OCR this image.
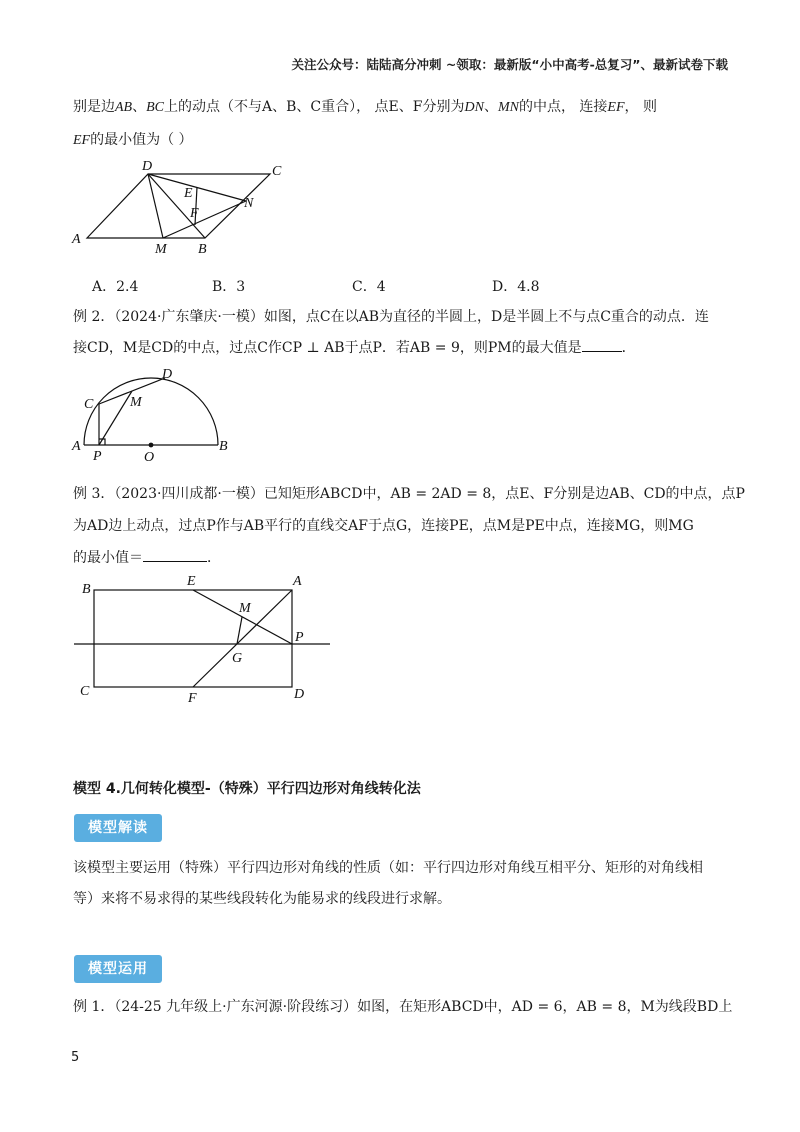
关注公众号：陆陆高分冲刺 ~领取：最新版“小中高考-总复习”、最新试卷下载
别是边AB、BC上的动点（不与A、B、C重合）， 点E、F分别为DN、MN的中点， 连接EF， 则
EF的最小值为（ ）
D	C
E
F
N
A
M B
A．2.4	B．3	C．4	D．4.8
例 2．（2024·广东肇庆·一模）如图，点C在以AB为直径的半圆上，D是半圆上不与点C重合的动点．连
接CD，M是CD的中点，过点C作CP ⊥ AB于点P．若AB = 9，则PM的最大值是	．
D
C	M
A
P	O
B
例 3．（2023·四川成都·一模）已知矩形ABCD中，AB = 2AD = 8，点E、F分别是边AB、CD的中点，点P
为AD边上动点，过点P作与AB平行的直线交AF于点G，连接PE，点M是PE中点，连接MG，则MG
的最小值＝	．
B
E	A
M
P
G
C	F	D
模型 4.几何转化模型-（特殊）平行四边形对角线转化法
模型解读
该模型主要运用（特殊）平行四边形对角线的性质（如：平行四边形对角线互相平分、矩形的对角线相
等）来将不易求得的某些线段转化为能易求的线段进行求解。
模型运用
例 1．（24-25 九年级上·广东河源·阶段练习）如图，在矩形ABCD中，AD = 6，AB = 8，M为线段BD上
5
